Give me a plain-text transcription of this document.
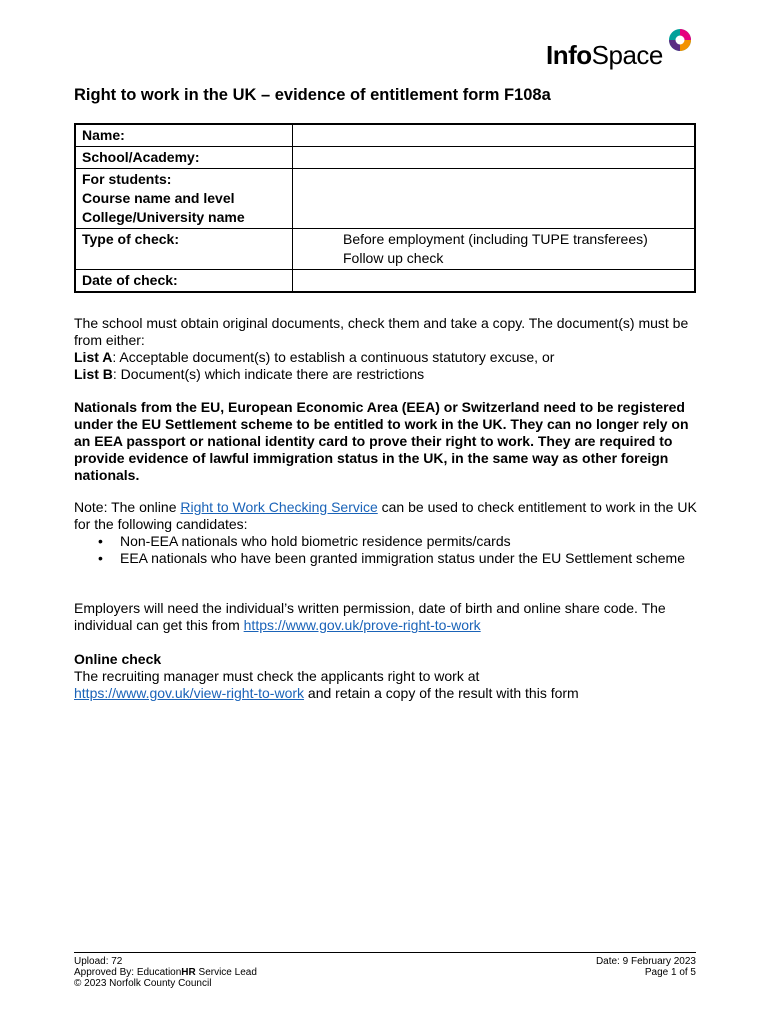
InfoSpace
Right to work in the UK – evidence of entitlement form F108a
Name:	
School/Academy:	

For students:
Course name and level
College/University name	

Type of check:	Before employment (including TUPE transferees)
Follow up check

Date of check:	
The school must obtain original documents, check them and take a copy. The document(s) must be from either:
List A: Acceptable document(s) to establish a continuous statutory excuse, or
List B: Document(s) which indicate there are restrictions
Nationals from the EU, European Economic Area (EEA) or Switzerland need to be registered under the EU Settlement scheme to be entitled to work in the UK. They can no longer rely on an EEA passport or national identity card to prove their right to work. They are required to provide evidence of lawful immigration status in the UK, in the same way as other foreign nationals.
Note: The online Right to Work Checking Service can be used to check entitlement to work in the UK for the following candidates:
• Non-EEA nationals who hold biometric residence permits/cards
• EEA nationals who have been granted immigration status under the EU Settlement scheme
Employers will need the individual’s written permission, date of birth and online share code. The individual can get this from https://www.gov.uk/prove-right-to-work
Online check
The recruiting manager must check the applicants right to work at
https://www.gov.uk/view-right-to-work and retain a copy of the result with this form
Upload: 72
Approved By: EducationHR Service Lead
© 2023 Norfolk County Council
Date: 9 February 2023
Page 1 of 5
